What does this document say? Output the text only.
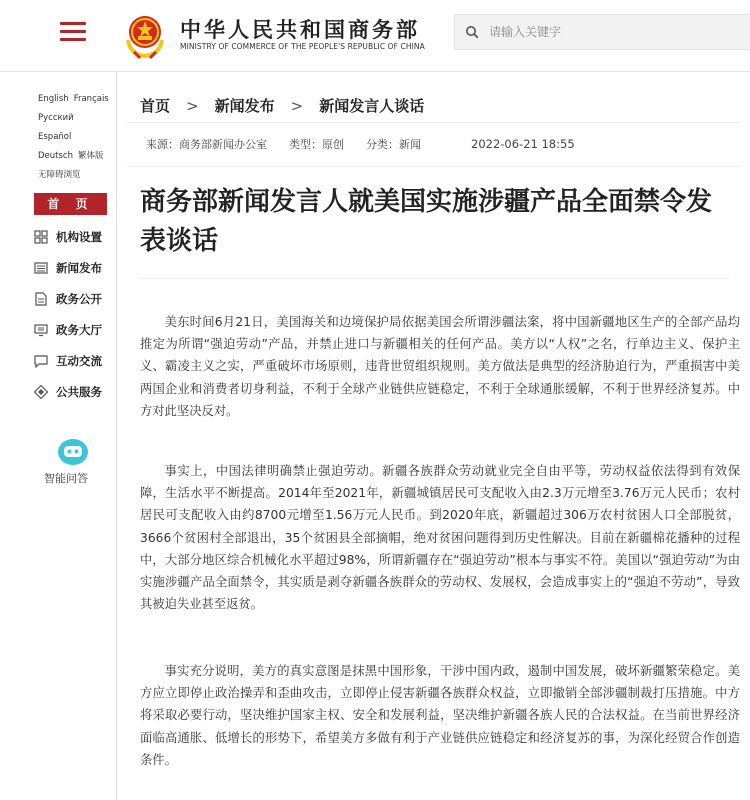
中华人民共和国商务部
MINISTRY OF COMMERCE OF THE PEOPLE'S REPUBLIC OF CHINA
请输入关键字
English Français
РусскийEspañol
Deutsch 繁体版
无障碍浏览
首 页
机构设置
新闻发布
政务公开
政务大厅
互动交流
公共服务
智能问答
首页 > 新闻发布 > 新闻发言人谈话
来源：商务部新闻办公室 类型：原创 分类：新闻	2022-06-21 18:55
商务部新闻发言人就美国实施涉疆产品全面禁令发表谈话

美东时间6月21日，美国海关和边境保护局依据美国会所谓涉疆法案，将中国新疆地区生产的全部产品均推定为所谓“强迫劳动”产品，并禁止进口与新疆相关的任何产品。美方以“人权”之名，行单边主义、保护主义、霸凌主义之实，严重破坏市场原则，违背世贸组织规则。美方做法是典型的经济胁迫行为，严重损害中美两国企业和消费者切身利益，不利于全球产业链供应链稳定，不利于全球通胀缓解，不利于世界经济复苏。中方对此坚决反对。

事实上，中国法律明确禁止强迫劳动。新疆各族群众劳动就业完全自由平等，劳动权益依法得到有效保障，生活水平不断提高。2014年至2021年，新疆城镇居民可支配收入由2.3万元增至3.76万元人民币；农村居民可支配收入由约8700元增至1.56万元人民币。到2020年底，新疆超过306万农村贫困人口全部脱贫，3666个贫困村全部退出，35个贫困县全部摘帽，绝对贫困问题得到历史性解决。目前在新疆棉花播种的过程中，大部分地区综合机械化水平超过98%，所谓新疆存在“强迫劳动”根本与事实不符。美国以“强迫劳动”为由实施涉疆产品全面禁令，其实质是剥夺新疆各族群众的劳动权、发展权，会造成事实上的“强迫不劳动”，导致其被迫失业甚至返贫。

事实充分说明，美方的真实意图是抹黑中国形象，干涉中国内政，遏制中国发展，破坏新疆繁荣稳定。美方应立即停止政治操弄和歪曲攻击，立即停止侵害新疆各族群众权益，立即撤销全部涉疆制裁打压措施。中方将采取必要行动，坚决维护国家主权、安全和发展利益，坚决维护新疆各族人民的合法权益。在当前世界经济面临高通胀、低增长的形势下，希望美方多做有利于产业链供应链稳定和经济复苏的事，为深化经贸合作创造条件。
